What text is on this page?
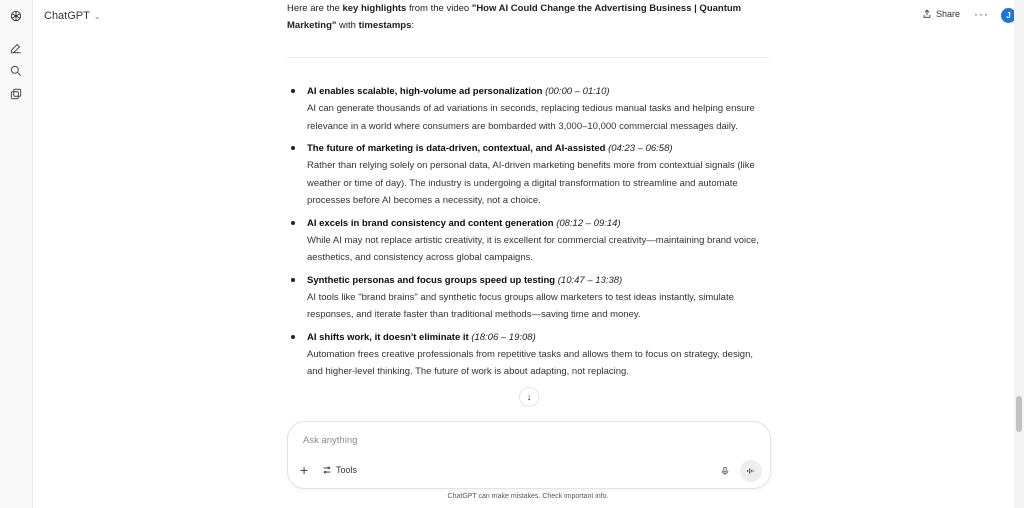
ChatGPT ⌄	Share ···	J
Here are the key highlights from the video "How AI Could Change the Advertising Business | Quantum Marketing" with timestamps:
AI enables scalable, high-volume ad personalization (00:00 – 01:10)
AI can generate thousands of ad variations in seconds, replacing tedious manual tasks and helping ensure relevance in a world where consumers are bombarded with 3,000–10,000 commercial messages daily.
The future of marketing is data-driven, contextual, and AI-assisted (04:23 – 06:58)
Rather than relying solely on personal data, AI-driven marketing benefits more from contextual signals (like weather or time of day). The industry is undergoing a digital transformation to streamline and automate processes before AI becomes a necessity, not a choice.
AI excels in brand consistency and content generation (08:12 – 09:14)
While AI may not replace artistic creativity, it is excellent for commercial creativity—maintaining brand voice, aesthetics, and consistency across global campaigns.
Synthetic personas and focus groups speed up testing (10:47 – 13:38)
AI tools like "brand brains" and synthetic focus groups allow marketers to test ideas instantly, simulate responses, and iterate faster than traditional methods—saving time and money.
AI shifts work, it doesn't eliminate it (18:06 – 19:08)
Automation frees creative professionals from repetitive tasks and allows them to focus on strategy, design, and higher-level thinking. The future of work is about adapting, not replacing.
↓
Ask anything
+	Tools
ChatGPT can make mistakes. Check important info.
